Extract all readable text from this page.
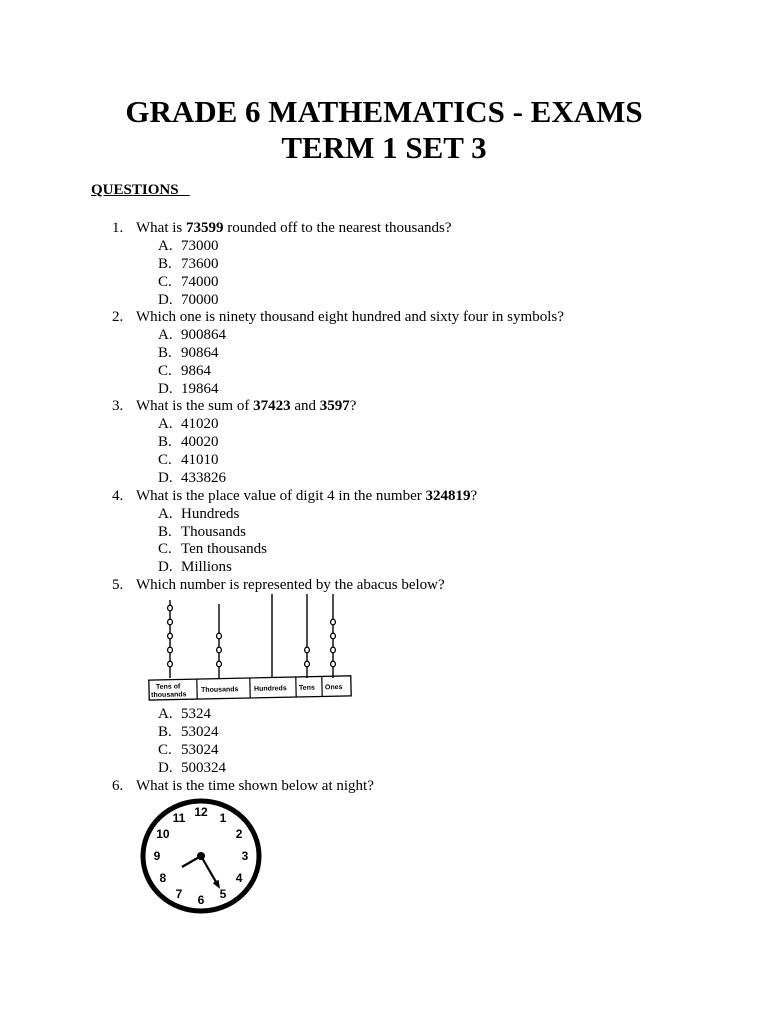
GRADE 6 MATHEMATICS - EXAMS
TERM 1 SET 3
QUESTIONS
1. What is 73599 rounded off to the nearest thousands?
A. 73000
B. 73600
C. 74000
D. 70000
2. Which one is ninety thousand eight hundred and sixty four in symbols?
A. 900864
B. 90864
C. 9864
D. 19864
3. What is the sum of 37423 and 3597?
A. 41020
B. 40020
C. 41010
D. 433826
4. What is the place value of digit 4 in the number 324819?
A. Hundreds
B. Thousands
C. Ten thousands
D. Millions
5. Which number is represented by the abacus below?
Tens of
thousands
Thousands Hundreds Tens Ones
A. 5324
B. 53024
C. 53024
D. 500324
6. What is the time shown below at night?
12 1
2
3
4
5
6
7
8
9
10
11
